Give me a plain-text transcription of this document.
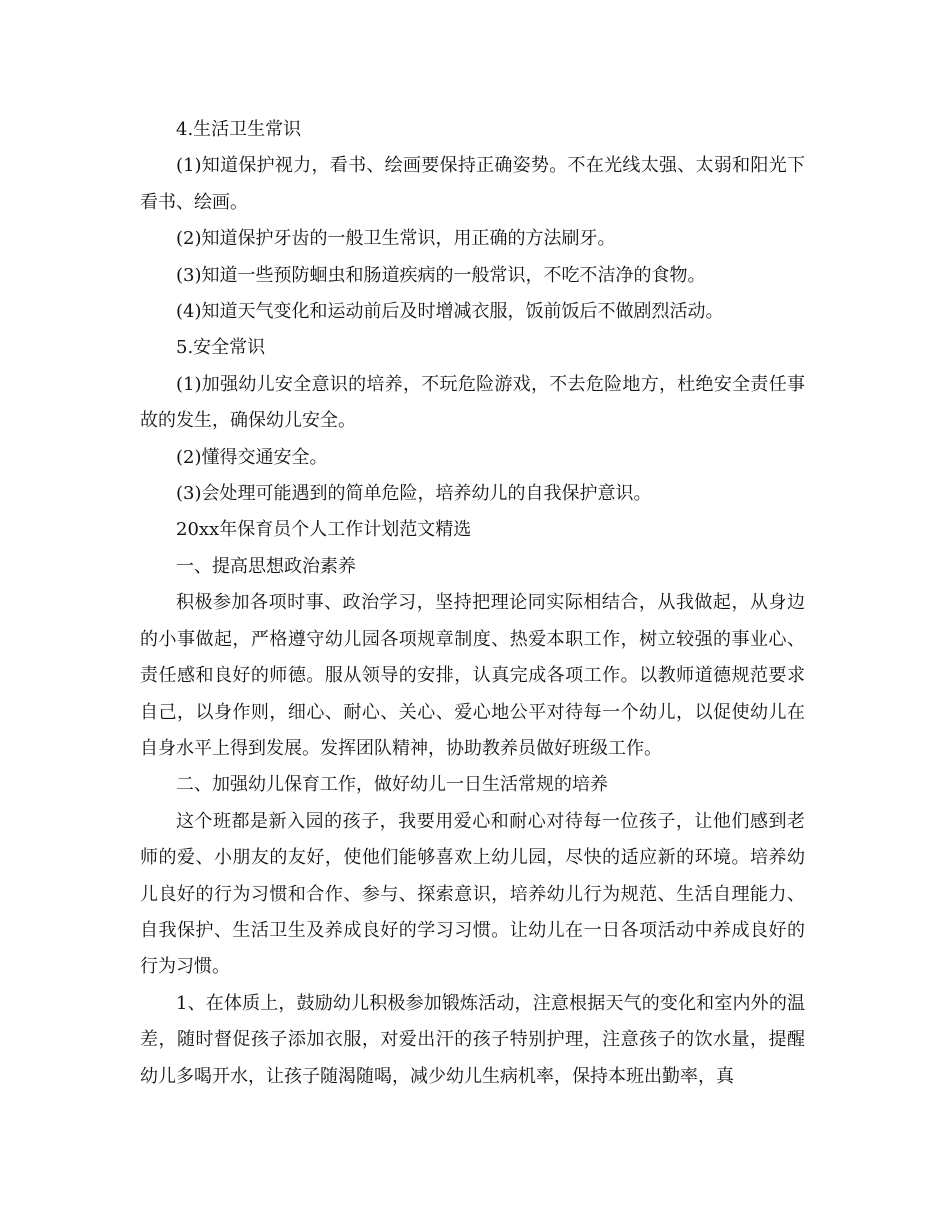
4.生活卫生常识

(1)知道保护视力，看书、绘画要保持正确姿势。不在光线太强、太弱和阳光下看书、绘画。

(2)知道保护牙齿的一般卫生常识，用正确的方法刷牙。

(3)知道一些预防蛔虫和肠道疾病的一般常识，不吃不洁净的食物。

(4)知道天气变化和运动前后及时增减衣服，饭前饭后不做剧烈活动。

5.安全常识

(1)加强幼儿安全意识的培养，不玩危险游戏，不去危险地方，杜绝安全责任事故的发生，确保幼儿安全。

(2)懂得交通安全。

(3)会处理可能遇到的简单危险，培养幼儿的自我保护意识。

20xx年保育员个人工作计划范文精选

一、提高思想政治素养

积极参加各项时事、政治学习，坚持把理论同实际相结合，从我做起，从身边的小事做起，严格遵守幼儿园各项规章制度、热爱本职工作，树立较强的事业心、责任感和良好的师德。服从领导的安排，认真完成各项工作。以教师道德规范要求自己，以身作则，细心、耐心、关心、爱心地公平对待每一个幼儿，以促使幼儿在自身水平上得到发展。发挥团队精神，协助教养员做好班级工作。

二、加强幼儿保育工作，做好幼儿一日生活常规的培养

这个班都是新入园的孩子，我要用爱心和耐心对待每一位孩子，让他们感到老师的爱、小朋友的友好，使他们能够喜欢上幼儿园，尽快的适应新的环境。培养幼儿良好的行为习惯和合作、参与、探索意识，培养幼儿行为规范、生活自理能力、自我保护、生活卫生及养成良好的学习习惯。让幼儿在一日各项活动中养成良好的行为习惯。

1、在体质上，鼓励幼儿积极参加锻炼活动，注意根据天气的变化和室内外的温差，随时督促孩子添加衣服，对爱出汗的孩子特别护理，注意孩子的饮水量，提醒幼儿多喝开水，让孩子随渴随喝，减少幼儿生病机率，保持本班出勤率，真
